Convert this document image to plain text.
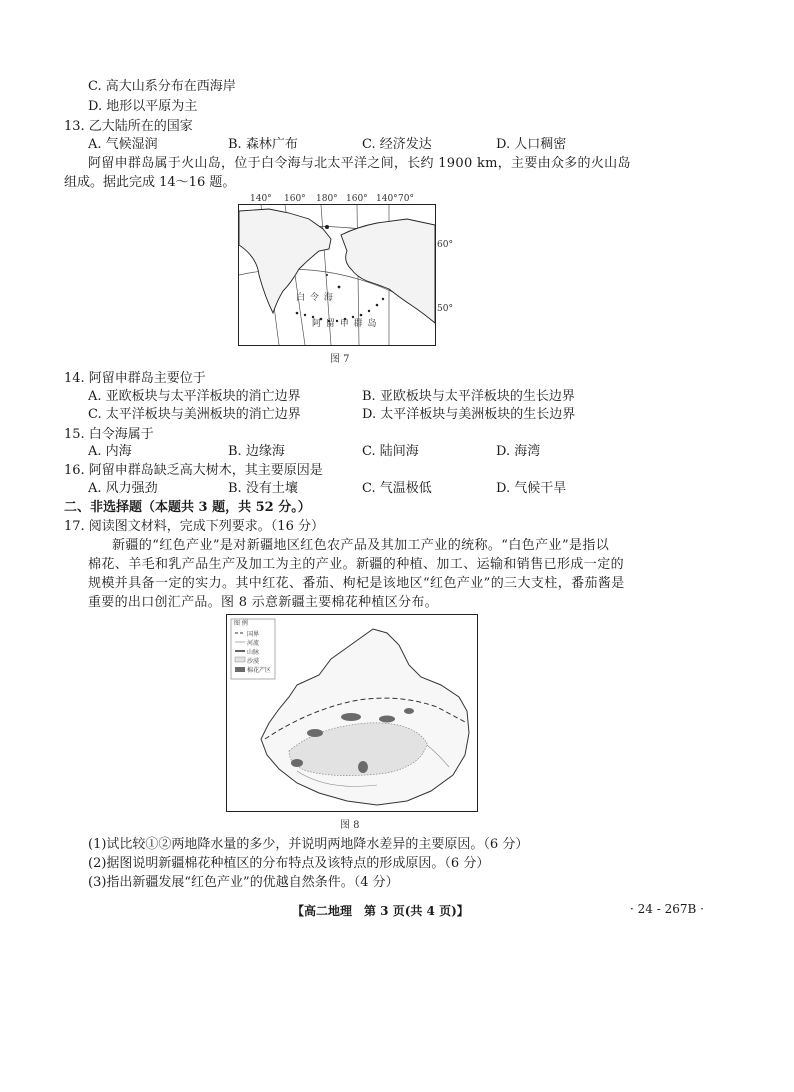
C. 高大山系分布在西海岸
D. 地形以平原为主
13. 乙大陆所在的国家
A. 气候湿润	B. 森林广布	C. 经济发达	D. 人口稠密
阿留申群岛属于火山岛，位于白令海与北太平洋之间，长约 1900 km，主要由众多的火山岛
组成。据此完成 14～16 题。
140° 160° 180° 160° 140° 70°
60°
50°
白 令 海
阿 留 申 群 岛
图 7
14. 阿留申群岛主要位于
A. 亚欧板块与太平洋板块的消亡边界	B. 亚欧板块与太平洋板块的生长边界
C. 太平洋板块与美洲板块的消亡边界	D. 太平洋板块与美洲板块的生长边界
15. 白令海属于
A. 内海	B. 边缘海	C. 陆间海	D. 海湾
16. 阿留申群岛缺乏高大树木，其主要原因是
A. 风力强劲	B. 没有土壤	C. 气温极低	D. 气候干旱
二、非选择题（本题共 3 题，共 52 分。）
17. 阅读图文材料，完成下列要求。（16 分）
新疆的“红色产业”是对新疆地区红色农产品及其加工产业的统称。“白色产业”是指以
棉花、羊毛和乳产品生产及加工为主的产业。新疆的种植、加工、运输和销售已形成一定的
规模并具备一定的实力。其中红花、番茄、枸杞是该地区“红色产业”的三大支柱，番茄酱是
重要的出口创汇产品。图 8 示意新疆主要棉花种植区分布。
图 例
国界
河流
山脉
沙漠
棉花产区
图 8
(1)试比较①②两地降水量的多少，并说明两地降水差异的主要原因。（6 分）
(2)据图说明新疆棉花种植区的分布特点及该特点的形成原因。（6 分）
(3)指出新疆发展“红色产业”的优越自然条件。（4 分）
【高二地理　第 3 页(共 4 页)】	· 24 - 267B ·
